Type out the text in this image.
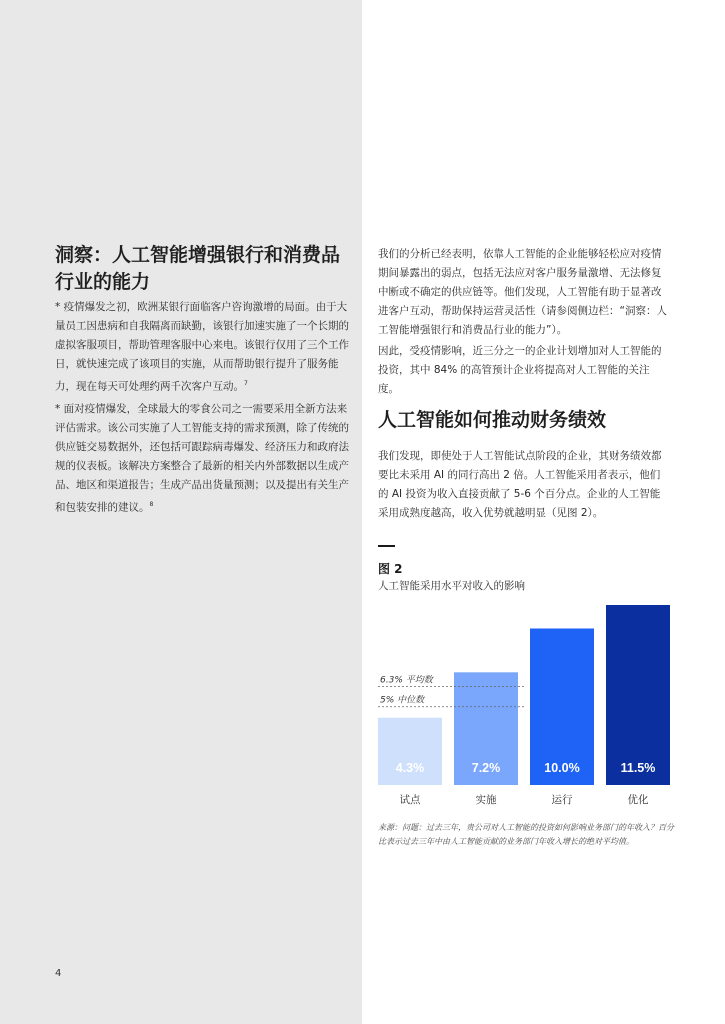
洞察：人工智能增强银行和消费品行业的能力

* 疫情爆发之初，欧洲某银行面临客户咨询激增的局面。由于大量员工因患病和自我隔离而缺勤，该银行加速实施了一个长期的虚拟客服项目，帮助管理客服中心来电。该银行仅用了三个工作日，就快速完成了该项目的实施，从而帮助银行提升了服务能力，现在每天可处理约两千次客户互动。$^7$

* 面对疫情爆发，全球最大的零食公司之一需要采用全新方法来评估需求。该公司实施了人工智能支持的需求预测，除了传统的供应链交易数据外，还包括可跟踪病毒爆发、经济压力和政府法规的仪表板。该解决方案整合了最新的相关内外部数据以生成产品、地区和渠道报告；生成产品出货量预测；以及提出有关生产和包装安排的建议。$^8$

4

我们的分析已经表明，依靠人工智能的企业能够轻松应对疫情期间暴露出的弱点，包括无法应对客户服务量激增、无法修复中断或不确定的供应链等。他们发现，人工智能有助于显著改进客户互动，帮助保持运营灵活性（请参阅侧边栏：“洞察：人工智能增强银行和消费品行业的能力”）。

因此，受疫情影响，近三分之一的企业计划增加对人工智能的投资，其中 84% 的高管预计企业将提高对人工智能的关注度。

人工智能如何推动财务绩效

我们发现，即使处于人工智能试点阶段的企业，其财务绩效都要比未采用 AI 的同行高出 2 倍。人工智能采用者表示，他们的 AI 投资为收入直接贡献了 5-6 个百分点。企业的人工智能采用成熟度越高，收入优势就越明显（见图 2）。

图 2
人工智能采用水平对收入的影响
4.3%
试点
7.2%
实施
10.0%
运行
11.5%
优化
6.3% 平均数
5% 中位数

来源：问题：过去三年，贵公司对人工智能的投资如何影响业务部门的年收入？百分比表示过去三年中由人工智能贡献的业务部门年收入增长的绝对平均值。
